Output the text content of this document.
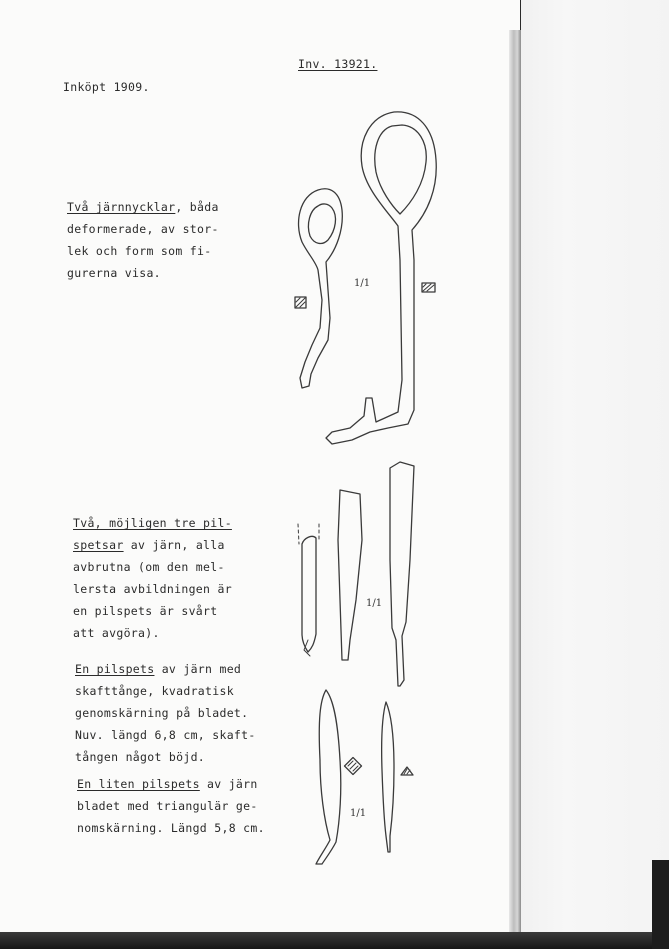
Inv. 13921.
Inköpt 1909.
Två järnnycklar, båda
deformerade, av stor-
lek och form som fi-
gurerna visa.
Två, möjligen tre pil-
spetsar av järn, alla
avbrutna (om den mel-
lersta avbildningen är
en pilspets är svårt
att avgöra).
En pilspets av järn med
skafttånge, kvadratisk
genomskärning på bladet.
Nuv. längd 6,8 cm, skaft-
tången något böjd.
En liten pilspets av järn
bladet med triangulär ge-
nomskärning. Längd 5,8 cm.
1/1
1/1
1/1
